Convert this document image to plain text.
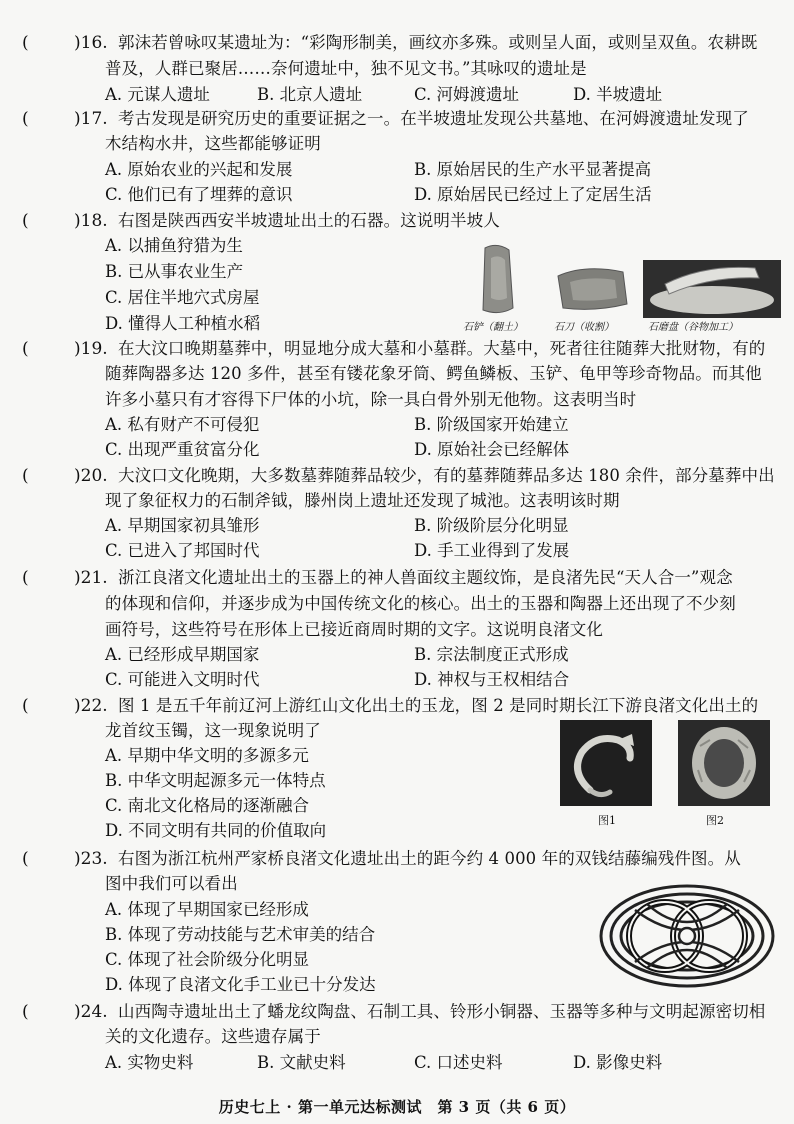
(	)16. 郭沫若曾咏叹某遗址为：“彩陶形制美，画纹亦多殊。或则呈人面，或则呈双鱼。农耕既
普及，人群已聚居……奈何遗址中，独不见文书。”其咏叹的遗址是
A. 元谋人遗址	B. 北京人遗址	C. 河姆渡遗址	D. 半坡遗址
(	)17. 考古发现是研究历史的重要证据之一。在半坡遗址发现公共墓地、在河姆渡遗址发现了
木结构水井，这些都能够证明
A. 原始农业的兴起和发展	B. 原始居民的生产水平显著提高
C. 他们已有了埋葬的意识	D. 原始居民已经过上了定居生活
(	)18. 右图是陕西西安半坡遗址出土的石器。这说明半坡人
A. 以捕鱼狩猎为生
B. 已从事农业生产
C. 居住半地穴式房屋
D. 懂得人工种植水稻	石铲（翻土）	石刀（收割）	石磨盘（谷物加工）
(	)19. 在大汶口晚期墓葬中，明显地分成大墓和小墓群。大墓中，死者往往随葬大批财物，有的
随葬陶器多达 120 多件，甚至有镂花象牙筒、鳄鱼鳞板、玉铲、龟甲等珍奇物品。而其他
许多小墓只有才容得下尸体的小坑，除一具白骨外别无他物。这表明当时
A. 私有财产不可侵犯	B. 阶级国家开始建立
C. 出现严重贫富分化	D. 原始社会已经解体
(	)20. 大汶口文化晚期，大多数墓葬随葬品较少，有的墓葬随葬品多达 180 余件，部分墓葬中出
现了象征权力的石制斧钺，滕州岗上遗址还发现了城池。这表明该时期
A. 早期国家初具雏形	B. 阶级阶层分化明显
C. 已进入了邦国时代	D. 手工业得到了发展
(	)21. 浙江良渚文化遗址出土的玉器上的神人兽面纹主题纹饰，是良渚先民“天人合一”观念
的体现和信仰，并逐步成为中国传统文化的核心。出土的玉器和陶器上还出现了不少刻
画符号，这些符号在形体上已接近商周时期的文字。这说明良渚文化
A. 已经形成早期国家	B. 宗法制度正式形成
C. 可能进入文明时代	D. 神权与王权相结合
(	)22. 图 1 是五千年前辽河上游红山文化出土的玉龙，图 2 是同时期长江下游良渚文化出土的
龙首纹玉镯，这一现象说明了
A. 早期中华文明的多源多元
B. 中华文明起源多元一体特点
C. 南北文化格局的逐渐融合
D. 不同文明有共同的价值取向
图1	图2
(	)23. 右图为浙江杭州严家桥良渚文化遗址出土的距今约 4 000 年的双钱结藤编残件图。从
图中我们可以看出
A. 体现了早期国家已经形成
B. 体现了劳动技能与艺术审美的结合
C. 体现了社会阶级分化明显
D. 体现了良渚文化手工业已十分发达
(	)24. 山西陶寺遗址出土了蟠龙纹陶盘、石制工具、铃形小铜器、玉器等多种与文明起源密切相
关的文化遗存。这些遗存属于
A. 实物史料	B. 文献史料	C. 口述史料	D. 影像史料
历史七上 · 第一单元达标测试　第 3 页（共 6 页）
